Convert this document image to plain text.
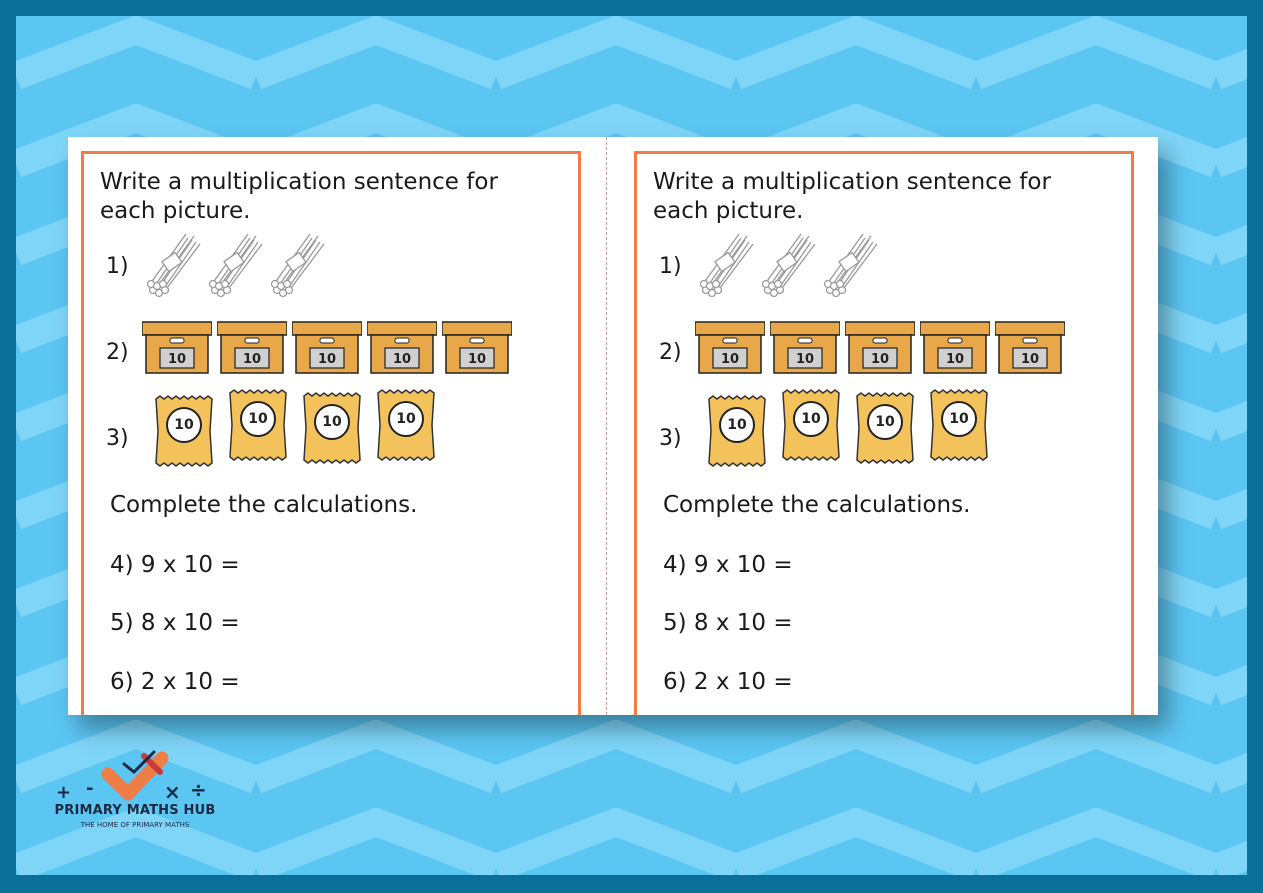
Write a multiplication sentence for each picture.

1)
2)	10	10	10	10	10
3)
10	10	10	10
Complete the calculations.
4) 9 x 10 =
5) 8 x 10 =
6) 2 x 10 =

Write a multiplication sentence for each picture.

1)
2)	10	10	10	10	10
3)
10	10	10	10
Complete the calculations.
4) 9 x 10 =
5) 8 x 10 =
6) 2 x 10 =
+ -	× ÷
PRIMARY MATHS HUB
THE HOME OF PRIMARY MATHS
